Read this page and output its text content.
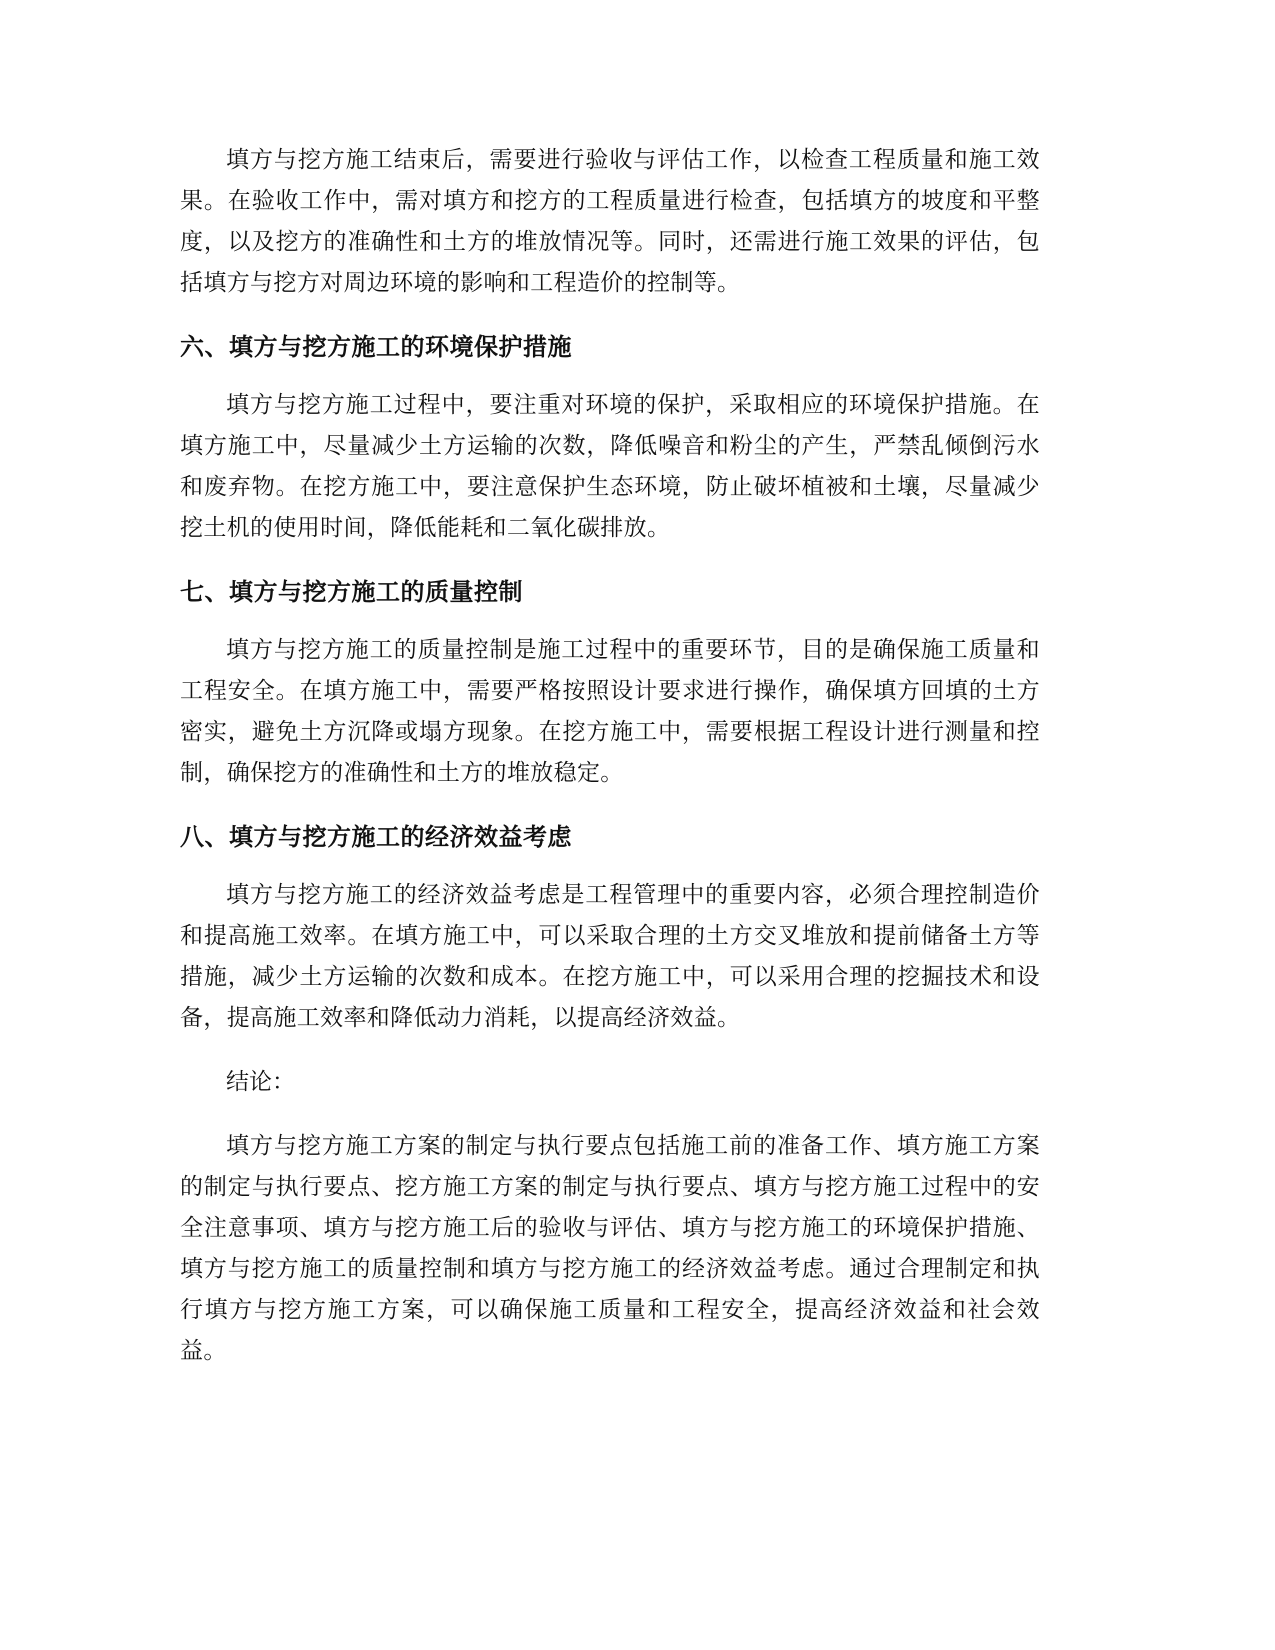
填方与挖方施工结束后，需要进行验收与评估工作，以检查工程质量和施工效果。在验收工作中，需对填方和挖方的工程质量进行检查，包括填方的坡度和平整度，以及挖方的准确性和土方的堆放情况等。同时，还需进行施工效果的评估，包括填方与挖方对周边环境的影响和工程造价的控制等。

六、填方与挖方施工的环境保护措施

填方与挖方施工过程中，要注重对环境的保护，采取相应的环境保护措施。在填方施工中，尽量减少土方运输的次数，降低噪音和粉尘的产生，严禁乱倾倒污水和废弃物。在挖方施工中，要注意保护生态环境，防止破坏植被和土壤，尽量减少挖土机的使用时间，降低能耗和二氧化碳排放。

七、填方与挖方施工的质量控制

填方与挖方施工的质量控制是施工过程中的重要环节，目的是确保施工质量和工程安全。在填方施工中，需要严格按照设计要求进行操作，确保填方回填的土方密实，避免土方沉降或塌方现象。在挖方施工中，需要根据工程设计进行测量和控制，确保挖方的准确性和土方的堆放稳定。

八、填方与挖方施工的经济效益考虑

填方与挖方施工的经济效益考虑是工程管理中的重要内容，必须合理控制造价和提高施工效率。在填方施工中，可以采取合理的土方交叉堆放和提前储备土方等措施，减少土方运输的次数和成本。在挖方施工中，可以采用合理的挖掘技术和设备，提高施工效率和降低动力消耗，以提高经济效益。

结论：

填方与挖方施工方案的制定与执行要点包括施工前的准备工作、填方施工方案的制定与执行要点、挖方施工方案的制定与执行要点、填方与挖方施工过程中的安全注意事项、填方与挖方施工后的验收与评估、填方与挖方施工的环境保护措施、填方与挖方施工的质量控制和填方与挖方施工的经济效益考虑。通过合理制定和执行填方与挖方施工方案，可以确保施工质量和工程安全，提高经济效益和社会效益。
